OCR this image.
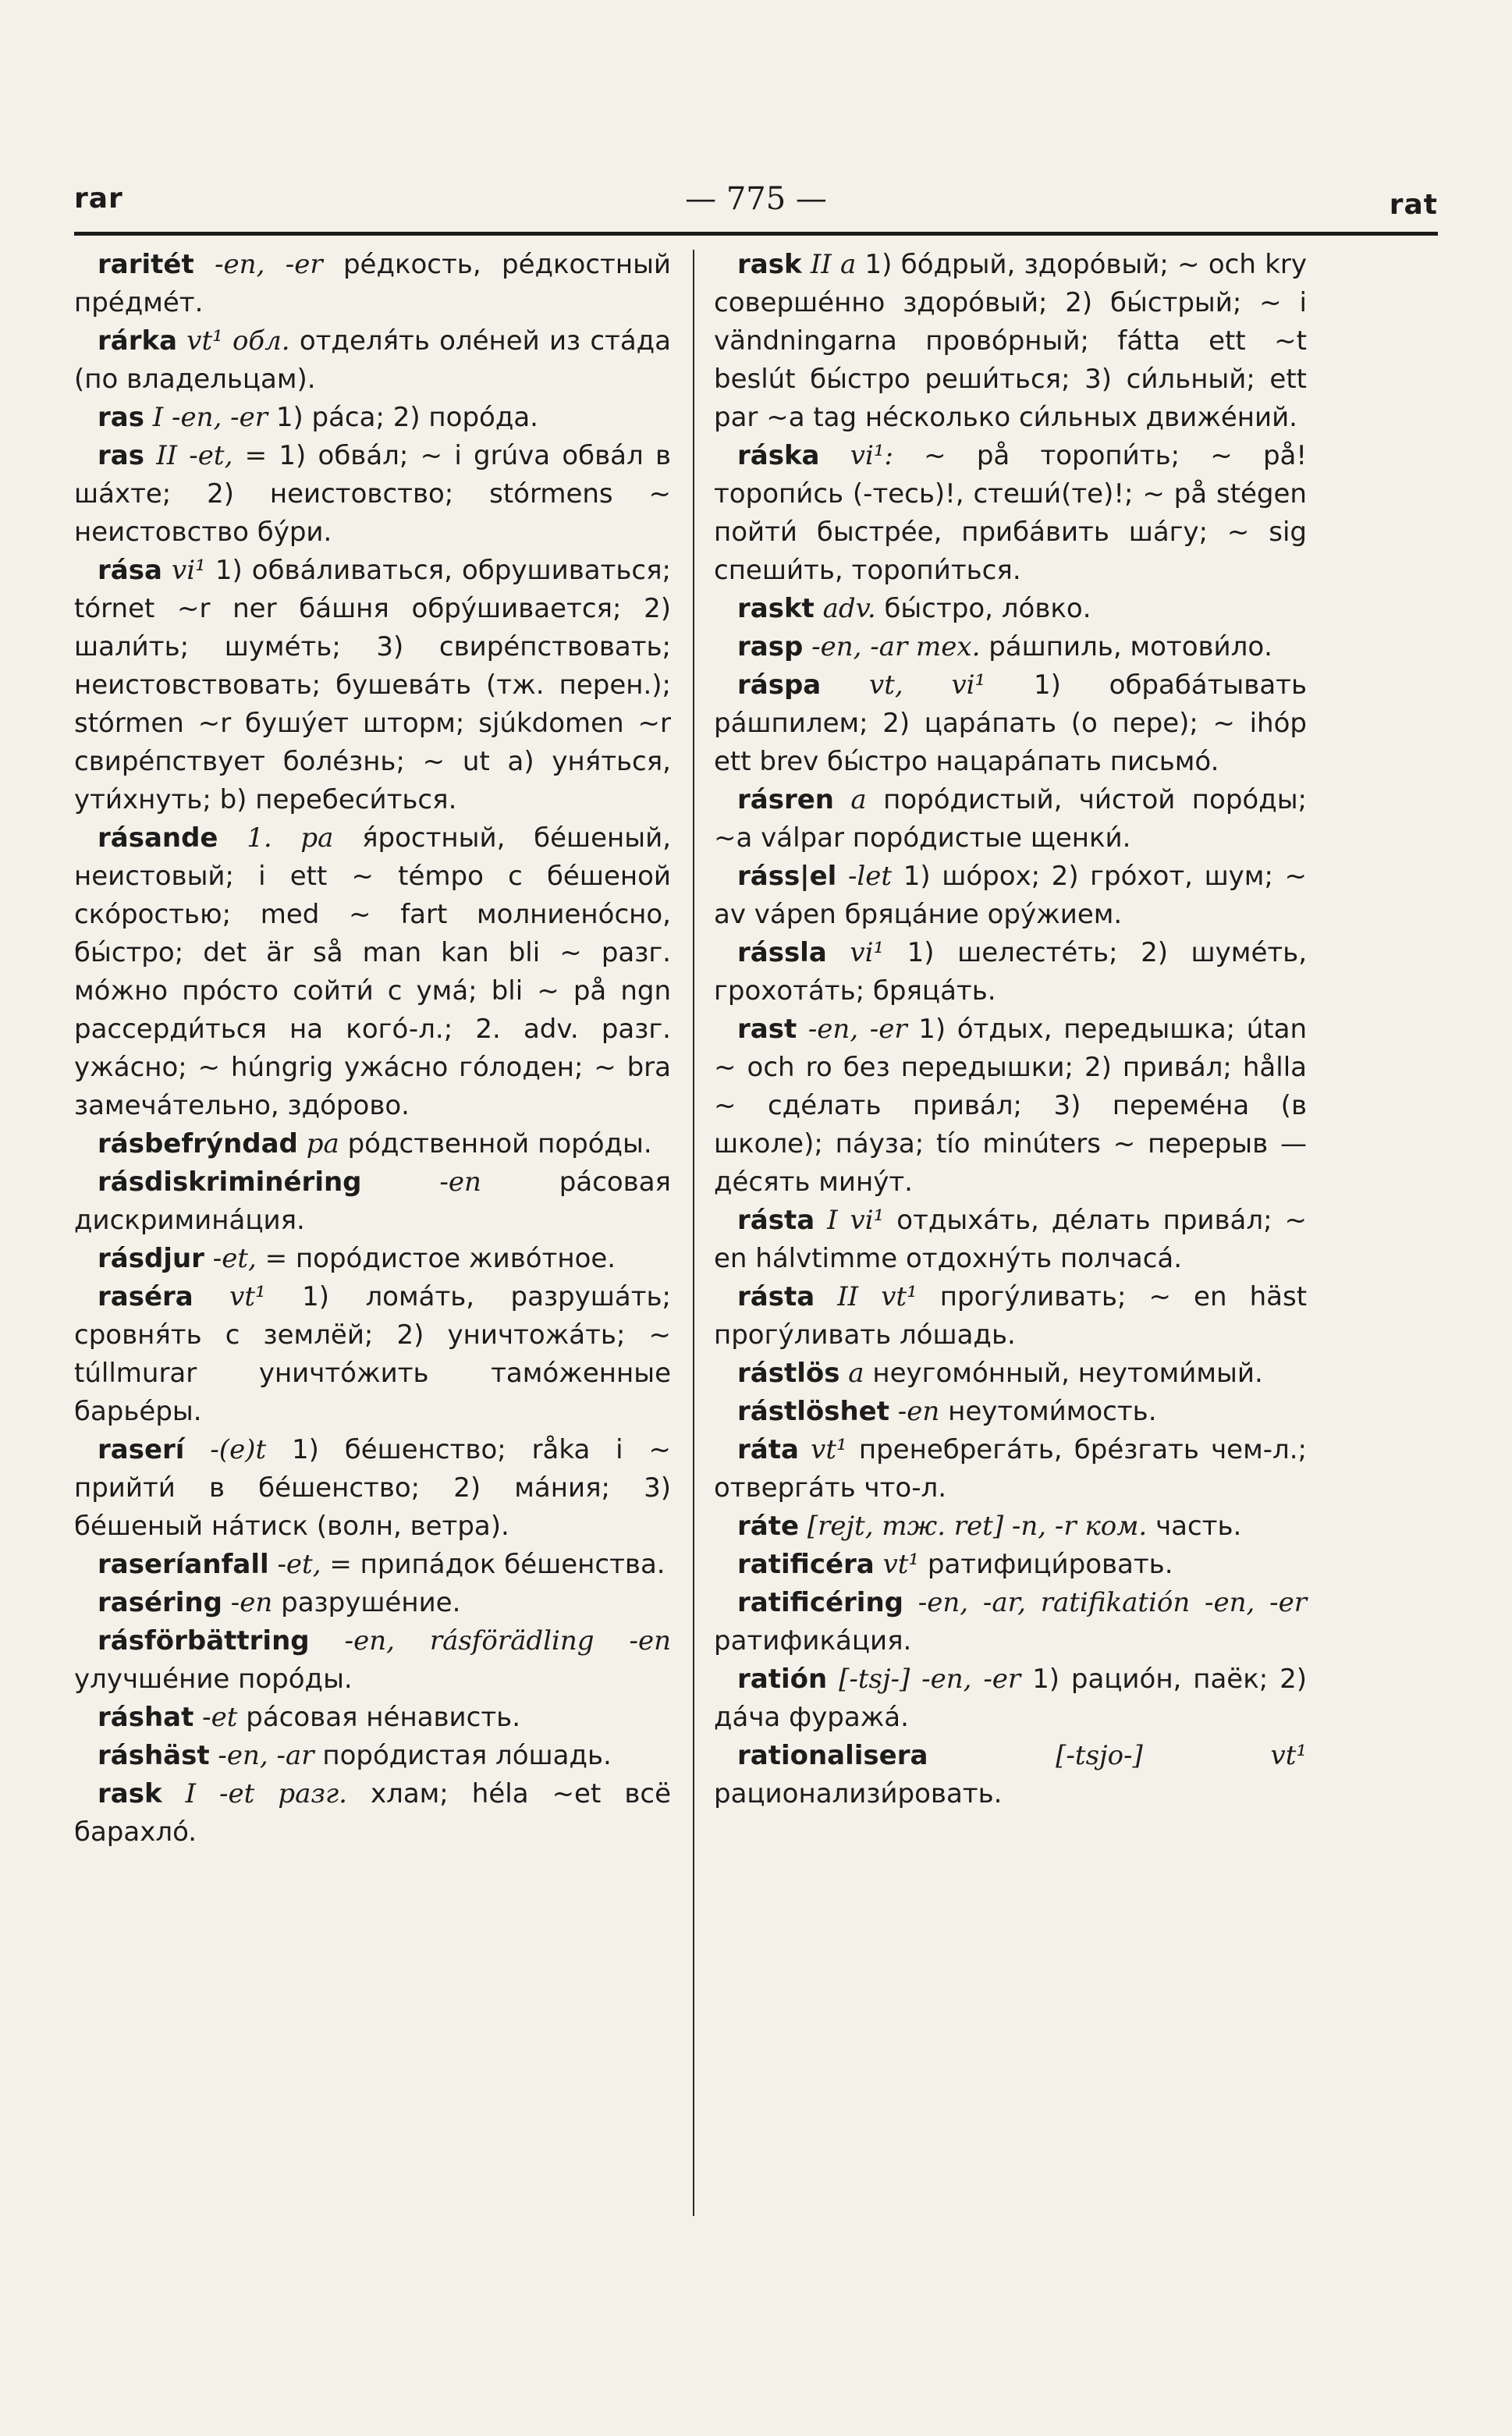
rar	— 775 —	rat

raritét -en, -er рéдкость, рéдкостный прéдмéт.

rárka vt¹ обл. отделя́ть олéней из стáда (по владельцам).

ras I -en, -er 1) ра́са; 2) порóда.

ras II -et, = 1) обвáл; ~ i grúva обвáл в шáхте; 2) неистовство; stórmens ~ неистовство бу́ри.

rása vi¹ 1) обвáливаться, обрушиваться; tórnet ~r ner бáшня обру́шивается; 2) шали́ть; шумéть; 3) свирéпствовать; неистовствовать; бушевáть (тж. перен.); stórmen ~r бушу́ет шторм; sjúkdomen ~r свирéпствует болéзнь; ~ ut a) уня́ться, ути́хнуть; b) перебеси́ться.

rásande 1. pa я́ростный, бéшеный, неистовый; i ett ~ témpo с бéшеной скóростью; med ~ fart молниенóсно, бы́стро; det är så man kan bli ~ разг. мóжно прóсто сойти́ с умá; bli ~ på ngn рассерди́ться на когó-л.; 2. adv. разг. ужáсно; ~ húngrig ужáсно гóлоден; ~ bra замечáтельно, здóрово.

rásbefrýndad pa рóдственной порóды.

rásdiskriminéring	-en	рáсовая дискриминáция.

rásdjur -et, = порóдистое живóтное.

raséra vt¹ 1) ломáть, разрушáть; сровня́ть с землёй; 2) уничтожáть; ~ túllmurar уничтóжить тамóженные барьéры.

raserí -(e)t 1) бéшенство; råka i ~ прийти́ в бéшенство; 2) мáния; 3) бéшеный нáтиск (волн, ветра).

raseríanfall -et, = припáдок бéшенства.

raséring -en разрушéние.

rásförbättring -en, rásförädling -en улучшéние порóды.

ráshat -et рáсовая нéнависть.

ráshäst -en, -ar порóдистая лóшадь.

rask I -et разг. хлам; héla ~et всё барахлó.

rask II a 1) бóдрый, здорóвый; ~ och kry совершéнно здорóвый; 2) бы́стрый; ~ i vändningarna провóрный; fátta ett ~t beslút бы́стро реши́ться; 3) си́льный; ett par ~a tag нéсколько си́льных движéний.

ráska vi¹: ~ på торопи́ть; ~ på! торопи́сь (-тесь)!, стеши́(те)!; ~ på stégen пойти́ быстрée, прибáвить шáгу; ~ sig спеши́ть, торопи́ться.

raskt adv. бы́стро, лóвко.

rasp -en, -ar тех. рáшпиль, мотови́ло.

ráspa vt, vi¹ 1) обрабáтывать рáшпилем; 2) царáпать (о пере); ~ ihóp ett brev бы́стро нацарáпать письмó.

rásren a порóдистый, чи́стой порóды; ~a válpar порóдистые щенки́.

ráss|el -let 1) шóрох; 2) грóхот, шум; ~ av vápen бряцáние орýжием.

rássla vi¹ 1) шелестéть; 2) шумéть, грохотáть; бряцáть.

rast -en, -er 1) óтдых, передышка; útan ~ och ro без передышки; 2) привáл; hålla ~ сдéлать привáл; 3) перемéна (в школе); пáуза; tío minúters ~ перерыв — дéсять минýт.

rásta I vi¹ отдыхáть, дéлать привáл; ~ en hálvtimme отдохнýть полчасá.

rásta II vt¹ прогýливать; ~ en häst прогýливать лóшадь.

rástlös a неугомóнный, неутоми́мый.

rástlöshet -en неутоми́мость.

ráta vt¹ пренебрегáть, брéзгать чем-л.; отвергáть что-л.

ráte [rejt, тж. ret] -n, -r ком. часть.

ratificéra vt¹ ратифици́ровать.

ratificéring -en, -ar, ratifikatión -en, -er ратификáция.

ratión [-tsj-] -en, -er 1) рациóн, паёк; 2) дáча фуражá.

rationalisera	[-tsjo-] vt¹ рационализи́ровать.
